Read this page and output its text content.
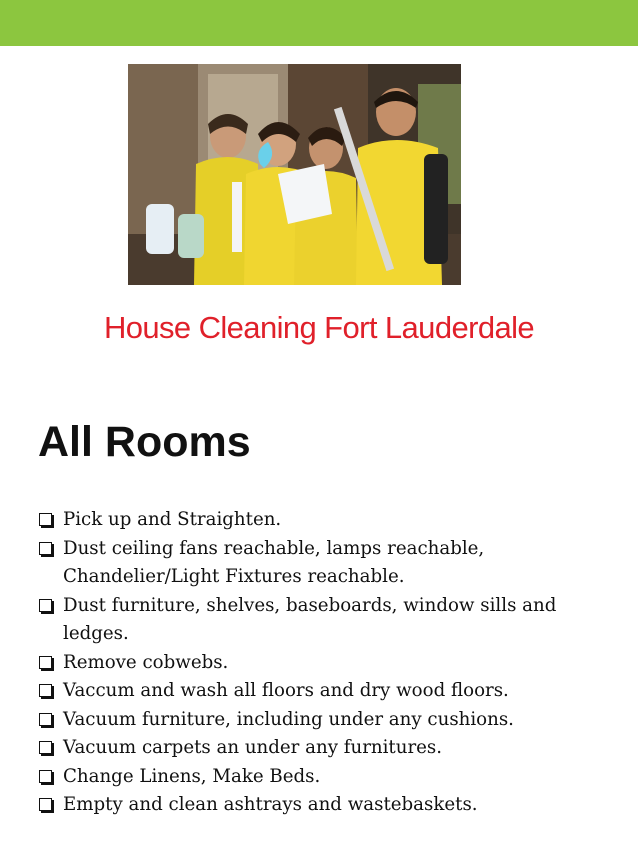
House Cleaning Fort Lauderdale
All Rooms
Pick up and Straighten.
Dust ceiling fans reachable, lamps reachable, Chandelier/Light Fixtures reachable.
Dust furniture, shelves, baseboards, window sills and ledges.
Remove cobwebs.
Vaccum and wash all floors and dry wood floors.
Vacuum furniture, including under any cushions.
Vacuum carpets an under any furnitures.
Change Linens, Make Beds.
Empty and clean ashtrays and wastebaskets.
